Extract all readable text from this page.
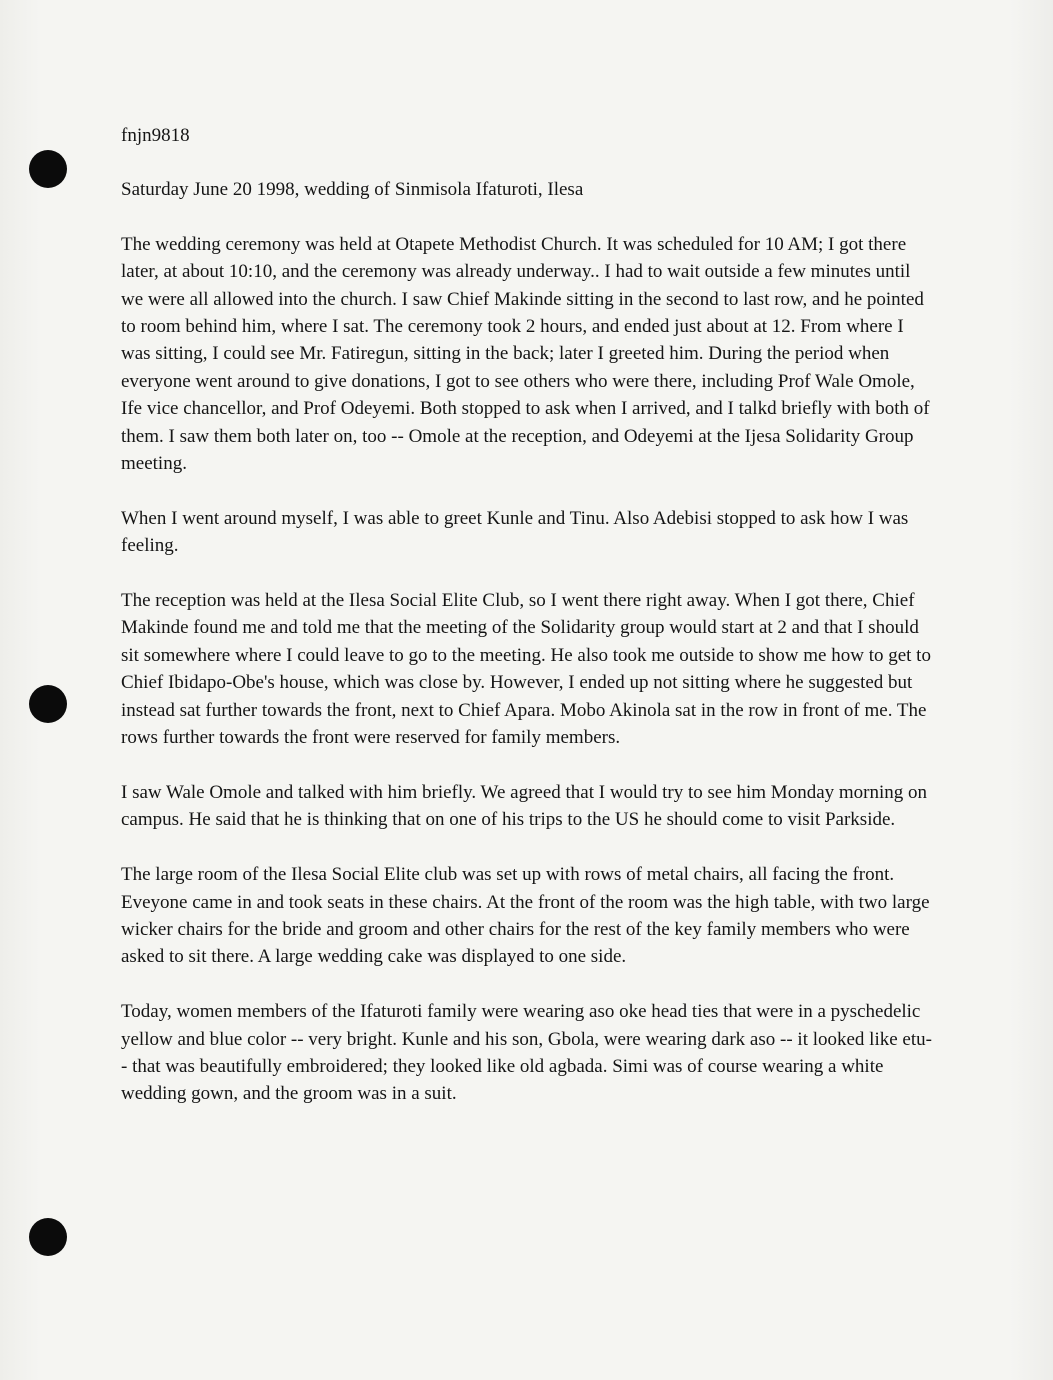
fnjn9818

Saturday June 20 1998, wedding of Sinmisola Ifaturoti, Ilesa

The wedding ceremony was held at Otapete Methodist Church. It was scheduled for 10 AM; I got there later, at about 10:10, and the ceremony was already underway.. I had to wait outside a few minutes until we were all allowed into the church. I saw Chief Makinde sitting in the second to last row, and he pointed to room behind him, where I sat. The ceremony took 2 hours, and ended just about at 12. From where I was sitting, I could see Mr. Fatiregun, sitting in the back; later I greeted him. During the period when everyone went around to give donations, I got to see others who were there, including Prof Wale Omole, Ife vice chancellor, and Prof Odeyemi. Both stopped to ask when I arrived, and I talkd briefly with both of them. I saw them both later on, too -- Omole at the reception, and Odeyemi at the Ijesa Solidarity Group meeting.

When I went around myself, I was able to greet Kunle and Tinu. Also Adebisi stopped to ask how I was feeling.

The reception was held at the Ilesa Social Elite Club, so I went there right away. When I got there, Chief Makinde found me and told me that the meeting of the Solidarity group would start at 2 and that I should sit somewhere where I could leave to go to the meeting. He also took me outside to show me how to get to Chief Ibidapo-Obe's house, which was close by. However, I ended up not sitting where he suggested but instead sat further towards the front, next to Chief Apara. Mobo Akinola sat in the row in front of me. The rows further towards the front were reserved for family members.

I saw Wale Omole and talked with him briefly. We agreed that I would try to see him Monday morning on campus. He said that he is thinking that on one of his trips to the US he should come to visit Parkside.

The large room of the Ilesa Social Elite club was set up with rows of metal chairs, all facing the front. Eveyone came in and took seats in these chairs. At the front of the room was the high table, with two large wicker chairs for the bride and groom and other chairs for the rest of the key family members who were asked to sit there. A large wedding cake was displayed to one side.

Today, women members of the Ifaturoti family were wearing aso oke head ties that were in a pyschedelic yellow and blue color -- very bright. Kunle and his son, Gbola, were wearing dark aso -- it looked like etu-- that was beautifully embroidered; they looked like old agbada. Simi was of course wearing a white wedding gown, and the groom was in a suit.
